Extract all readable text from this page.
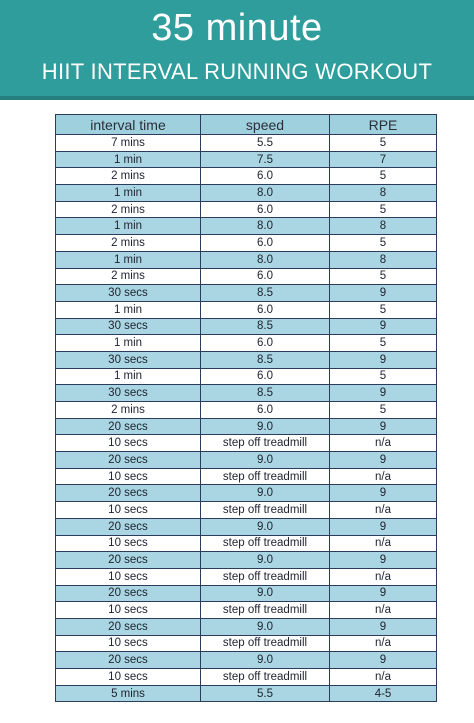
35 minute
HIIT INTERVAL RUNNING WORKOUT
interval time	speed	RPE
7 mins	5.5	5
1 min	7.5	7
2 mins	6.0	5
1 min	8.0	8
2 mins	6.0	5
1 min	8.0	8
2 mins	6.0	5
1 min	8.0	8
2 mins	6.0	5
30 secs	8.5	9
1 min	6.0	5
30 secs	8.5	9
1 min	6.0	5
30 secs	8.5	9
1 min	6.0	5
30 secs	8.5	9
2 mins	6.0	5
20 secs	9.0	9
10 secs	step off treadmill	n/a
20 secs	9.0	9
10 secs	step off treadmill	n/a
20 secs	9.0	9
10 secs	step off treadmill	n/a
20 secs	9.0	9
10 secs	step off treadmill	n/a
20 secs	9.0	9
10 secs	step off treadmill	n/a
20 secs	9.0	9
10 secs	step off treadmill	n/a
20 secs	9.0	9
10 secs	step off treadmill	n/a
20 secs	9.0	9
10 secs	step off treadmill	n/a
5 mins	5.5	4-5
